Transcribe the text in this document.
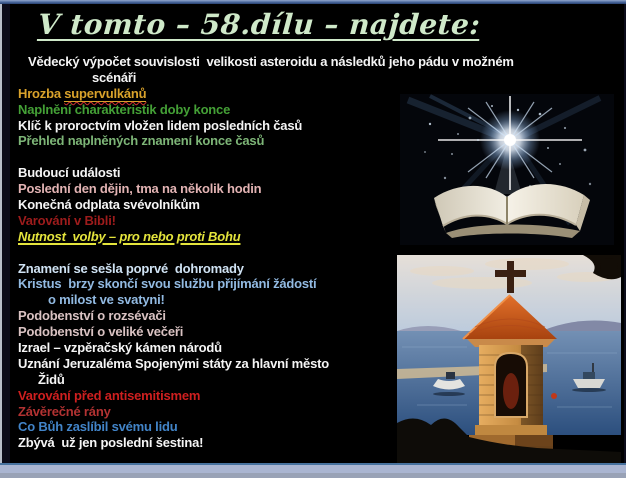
V tomto – 58.dílu – najdete:
Vědecký výpočet souvislosti  velikosti asteroidu a následků jeho pádu v možném
scénáři
Hrozba supervulkánů
Naplnění charakteristik doby konce
Klíč k proroctvím vložen lidem posledních časů
Přehled naplněných znamení konce časů
Budoucí události
Poslední den dějin, tma na několik hodin
Konečná odplata svévolníkům
Varování v Bibli!
Nutnost  volby – pro nebo proti Bohu
Znamení se sešla poprvé  dohromady
Kristus  brzy skončí svou službu přijímání žádostí
o milost ve svatyni!
Podobenství o rozsévači
Podobenství o veliké večeři
Izrael – vzpěračský kámen národů
Uznání Jeruzaléma Spojenými státy za hlavní město
Židů
Varování před antisemitismem
Závěrečné rány
Co Bůh zaslíbil svému lidu
Zbývá  už jen poslední šestina!
